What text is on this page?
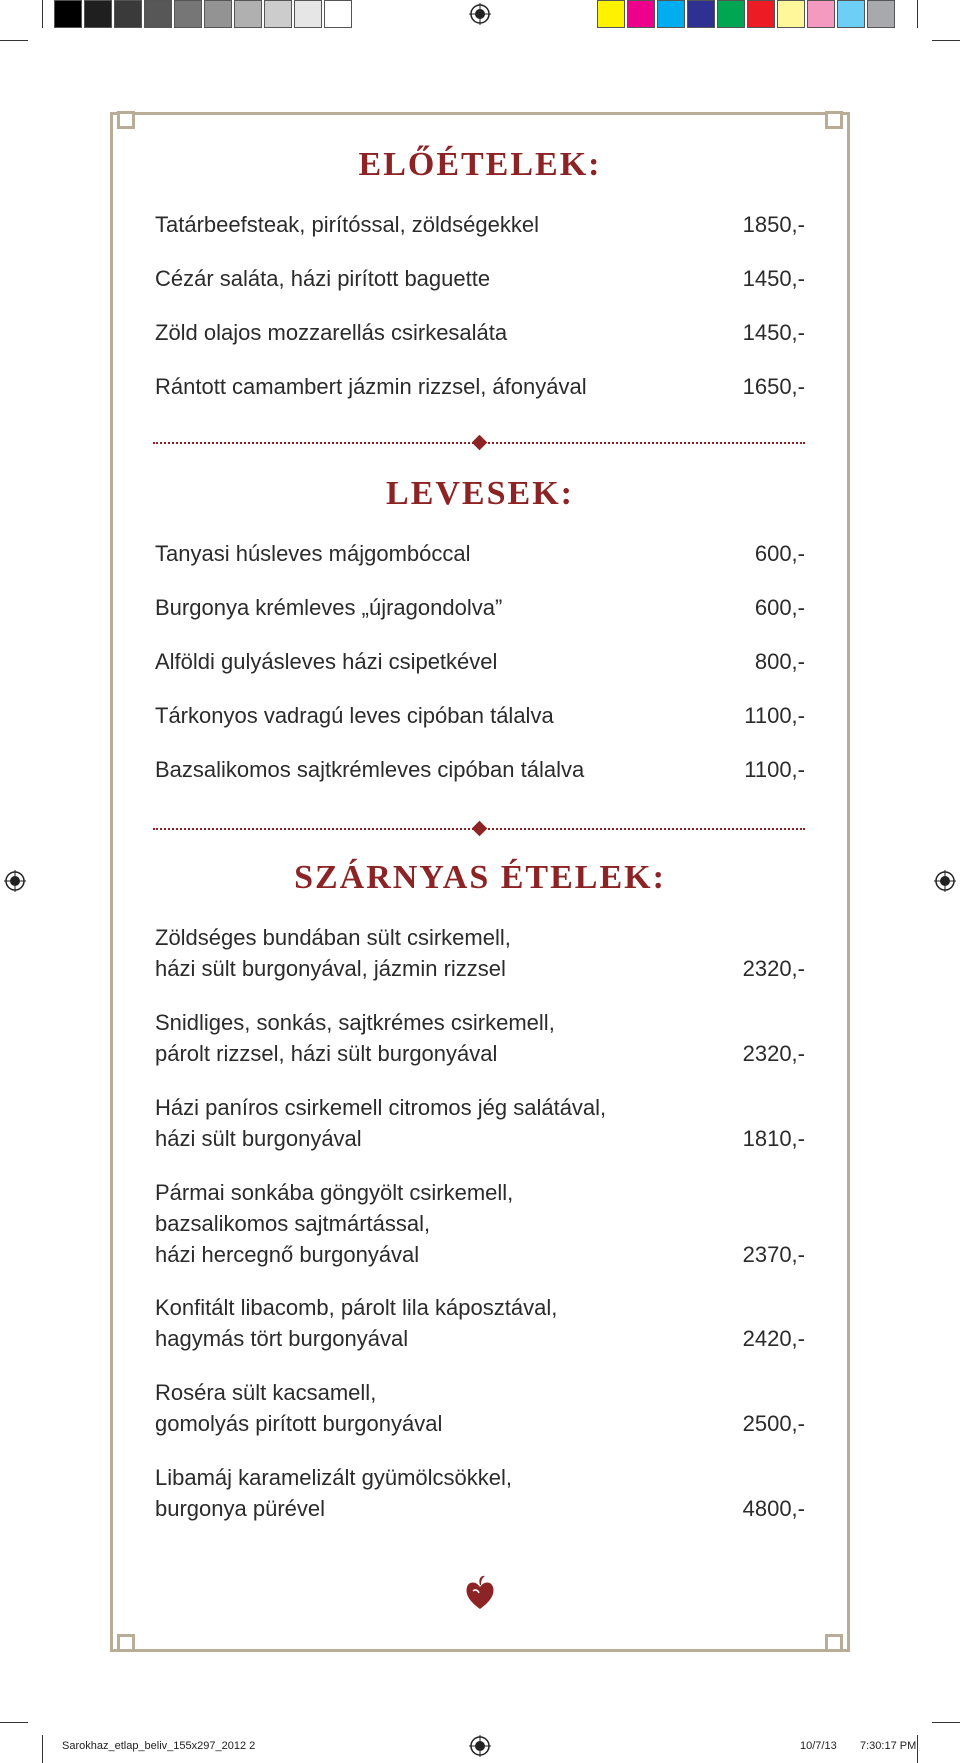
ELŐÉTELEK:
Tatárbeefsteak, pirítóssal, zöldségekkel	1850,-
Cézár saláta, házi pirított baguette	1450,-
Zöld olajos mozzarellás csirkesaláta	1450,-
Rántott camambert jázmin rizzsel, áfonyával	1650,-
LEVESEK:
Tanyasi húsleves májgombóccal	600,-
Burgonya krémleves „újragondolva”	600,-
Alföldi gulyásleves házi csipetkével	800,-
Tárkonyos vadragú leves cipóban tálalva	1100,-
Bazsalikomos sajtkrémleves cipóban tálalva	1100,-
SZÁRNYAS ÉTELEK:
Zöldséges bundában sült csirkemell,
házi sült burgonyával, jázmin rizzsel	2320,-
Snidliges, sonkás, sajtkrémes csirkemell,
párolt rizzsel, házi sült burgonyával	2320,-
Házi paníros csirkemell citromos jég salátával,
házi sült burgonyával	1810,-
Pármai sonkába göngyölt csirkemell,
bazsalikomos sajtmártással,
házi hercegnő burgonyával	2370,-
Konfitált libacomb, párolt lila káposztával,
hagymás tört burgonyával	2420,-
Roséra sült kacsamell,
gomolyás pirított burgonyával	2500,-
Libamáj karamelizált gyümölcsökkel,
burgonya pürével	4800,-
Sarokhaz_etlap_beliv_155x297_2012 2	10/7/13 7:30:17 PM
